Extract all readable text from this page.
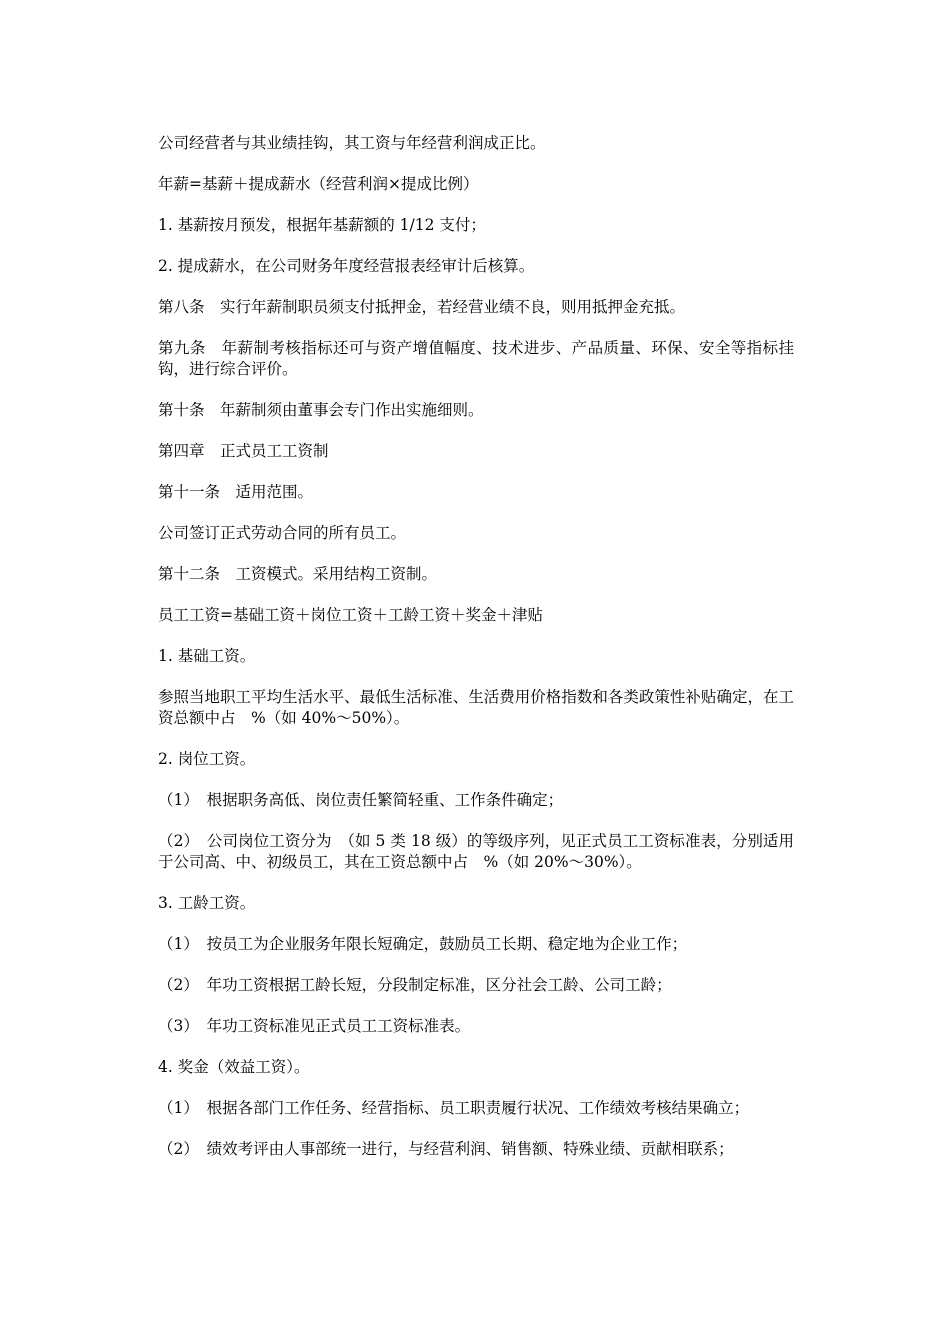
公司经营者与其业绩挂钩，其工资与年经营利润成正比。

年薪=基薪＋提成薪水（经营利润×提成比例）

1. 基薪按月预发，根据年基薪额的 1/12 支付；

2. 提成薪水，在公司财务年度经营报表经审计后核算。

第八条　实行年薪制职员须支付抵押金，若经营业绩不良，则用抵押金充抵。

第九条　年薪制考核指标还可与资产增值幅度、技术进步、产品质量、环保、安全等指标挂钩，进行综合评价。

第十条　年薪制须由董事会专门作出实施细则。

第四章　正式员工工资制

第十一条　适用范围。

公司签订正式劳动合同的所有员工。

第十二条　工资模式。采用结构工资制。

员工工资=基础工资＋岗位工资＋工龄工资＋奖金＋津贴

1. 基础工资。

参照当地职工平均生活水平、最低生活标准、生活费用价格指数和各类政策性补贴确定，在工资总额中占　%（如 40%～50%）。

2. 岗位工资。

（1）　根据职务高低、岗位责任繁简轻重、工作条件确定；

（2）　公司岗位工资分为　（如 5 类 18 级）的等级序列，见正式员工工资标准表，分别适用于公司高、中、初级员工，其在工资总额中占　%（如 20%～30%）。

3. 工龄工资。

（1）　按员工为企业服务年限长短确定，鼓励员工长期、稳定地为企业工作；

（2）　年功工资根据工龄长短，分段制定标准，区分社会工龄、公司工龄；

（3）　年功工资标准见正式员工工资标准表。

4. 奖金（效益工资）。

（1）　根据各部门工作任务、经营指标、员工职责履行状况、工作绩效考核结果确立；

（2）　绩效考评由人事部统一进行，与经营利润、销售额、特殊业绩、贡献相联系；
